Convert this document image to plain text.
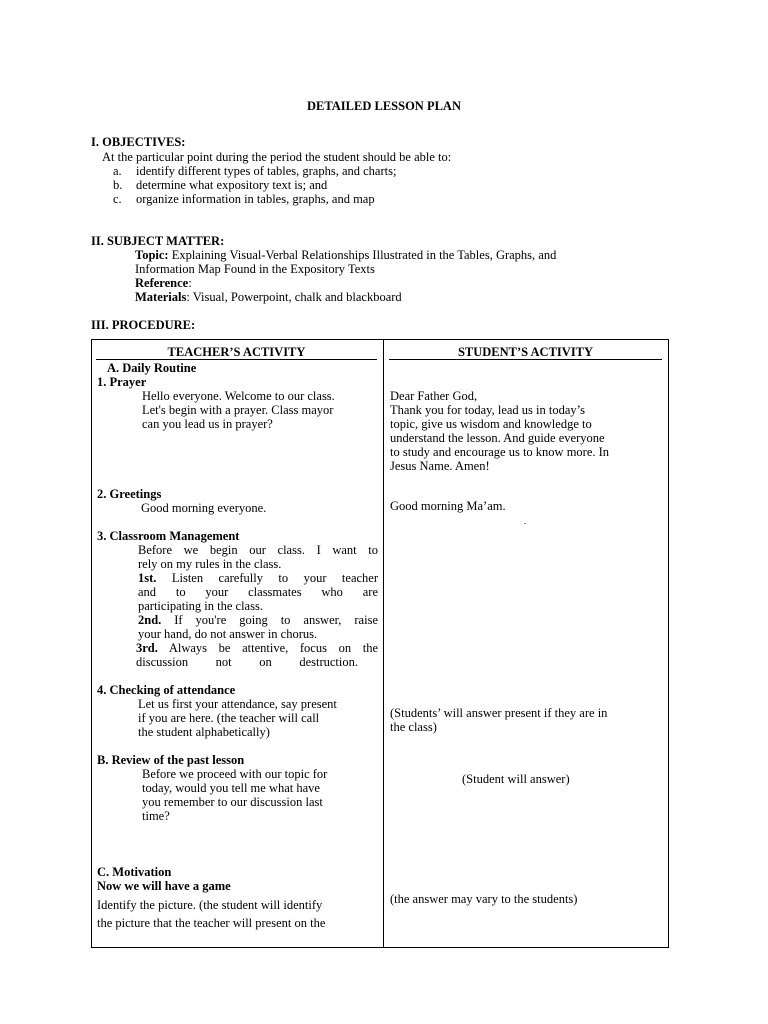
DETAILED LESSON PLAN
I. OBJECTIVES:
At the particular point during the period the student should be able to:
a. identify different types of tables, graphs, and charts;
b. determine what expository text is; and
c. organize information in tables, graphs, and map
II. SUBJECT MATTER:
Topic: Explaining Visual-Verbal Relationships Illustrated in the Tables, Graphs, and
Information Map Found in the Expository Texts
Reference:
Materials: Visual, Powerpoint, chalk and blackboard
III. PROCEDURE:
TEACHER’S ACTIVITY	STUDENT’S ACTIVITY
A. Daily Routine
1. Prayer
Hello everyone. Welcome to our class.
Let's begin with a prayer. Class mayor
can you lead us in prayer?
2. Greetings
Good morning everyone.
3. Classroom Management
Before we begin our class. I want to
rely on my rules in the class.
1st. Listen carefully to your teacher
and to your classmates who are
participating in the class.
2nd. If you're going to answer, raise
your hand, do not answer in chorus.
3rd. Always be attentive, focus on the
discussion not on destruction.
4. Checking of attendance
Let us first your attendance, say present
if you are here. (the teacher will call
the student alphabetically)
B. Review of the past lesson
Before we proceed with our topic for
today, would you tell me what have
you remember to our discussion last
time?
C. Motivation
Now we will have a game
Identify the picture. (the student will identify
the picture that the teacher will present on the
Dear Father God,
Thank you for today, lead us in today’s
topic, give us wisdom and knowledge to
understand the lesson. And guide everyone
to study and encourage us to know more. In
Jesus Name. Amen!
Good morning Ma’am.
.
(Students’ will answer present if they are in
the class)
(Student will answer)
(the answer may vary to the students)
